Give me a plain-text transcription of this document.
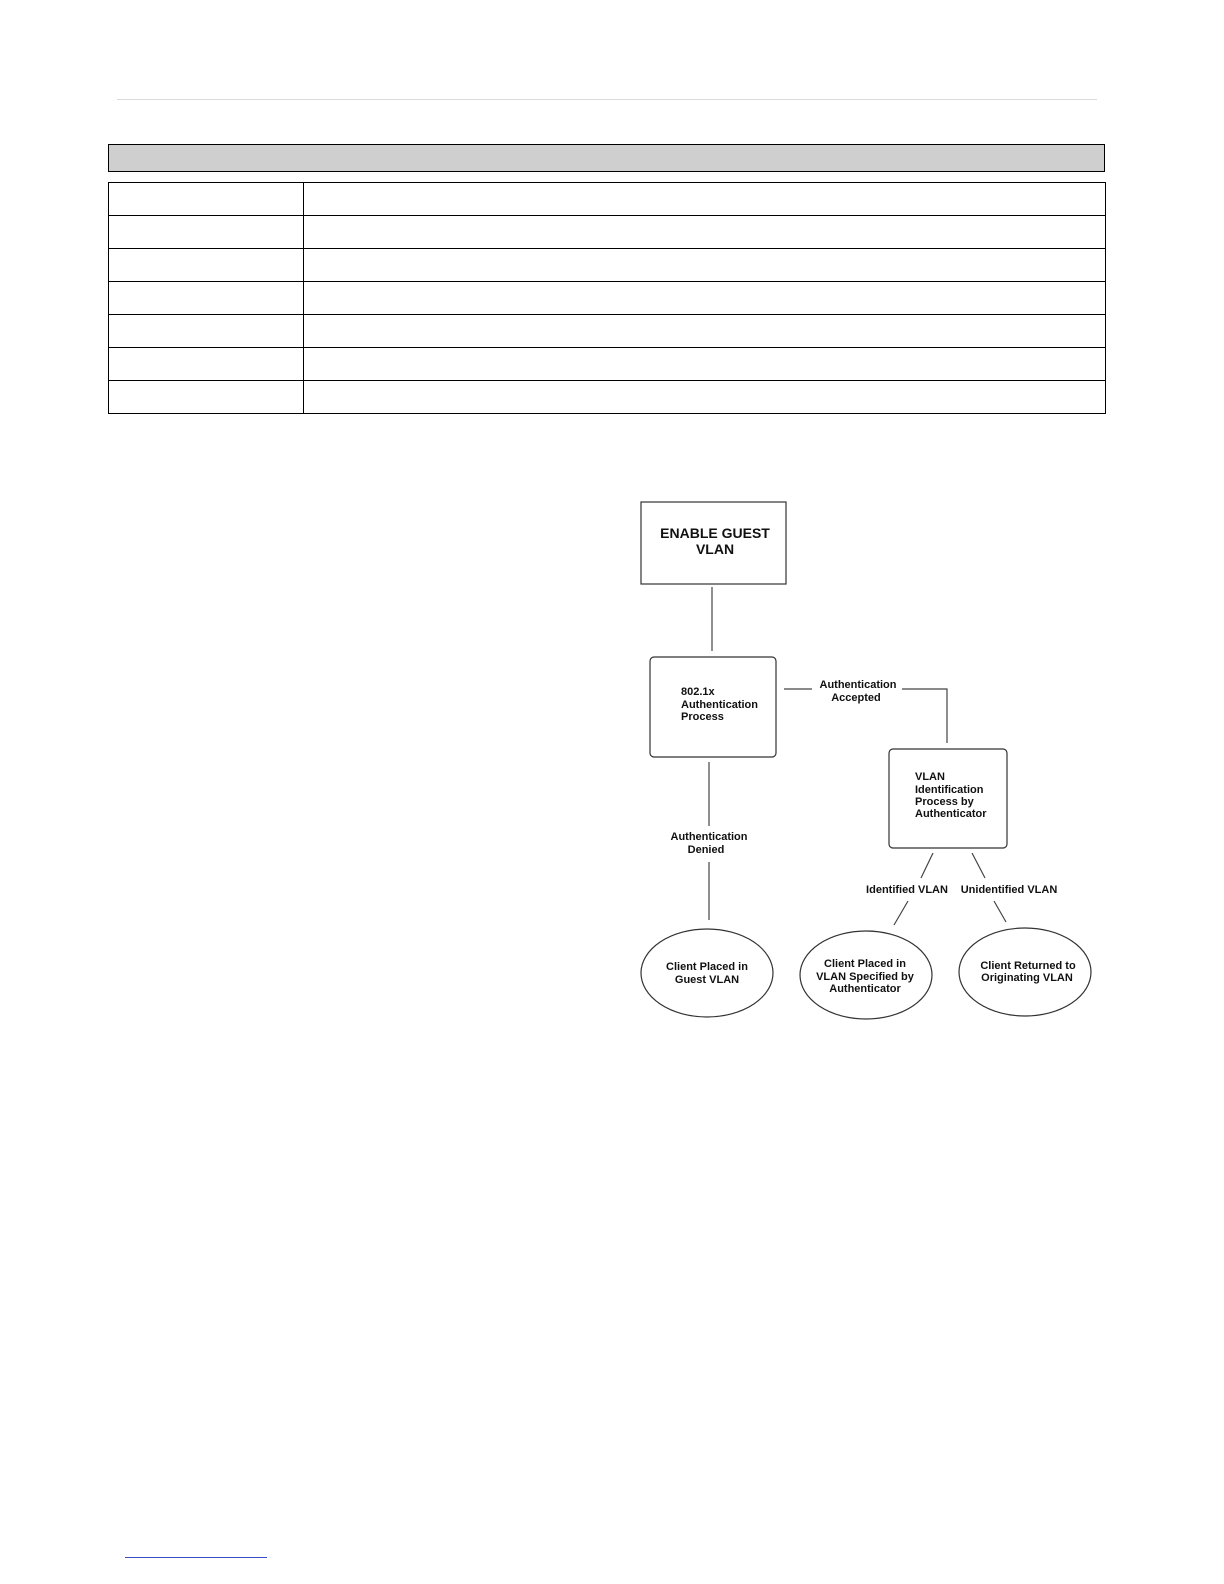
ENABLE GUEST
VLAN
802.1x
Authentication
Process
Authentication
Accepted
Authentication
Denied
VLAN
Identification
Process by
Authenticator
Identified VLAN Unidentified VLAN
Client Placed in
Guest VLAN
Client Placed in
VLAN Specified by
Authenticator
Client Returned to
Originating VLAN
